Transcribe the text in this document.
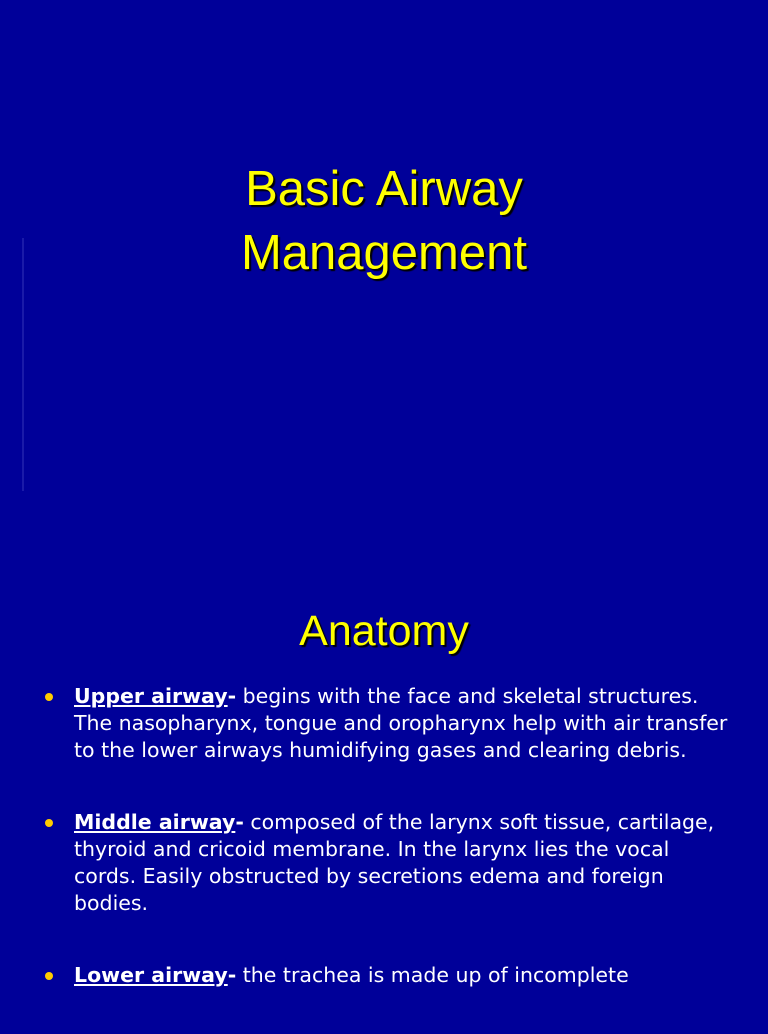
Basic Airway
Management
Anatomy
Upper airway- begins with the face and skeletal structures. The nasopharynx, tongue and oropharynx help with air transfer to the lower airways humidifying gases and clearing debris.
Middle airway- composed of the larynx soft tissue, cartilage, thyroid and cricoid membrane. In the larynx lies the vocal cords. Easily obstructed by secretions edema and foreign bodies.
Lower airway- the trachea is made up of incomplete
